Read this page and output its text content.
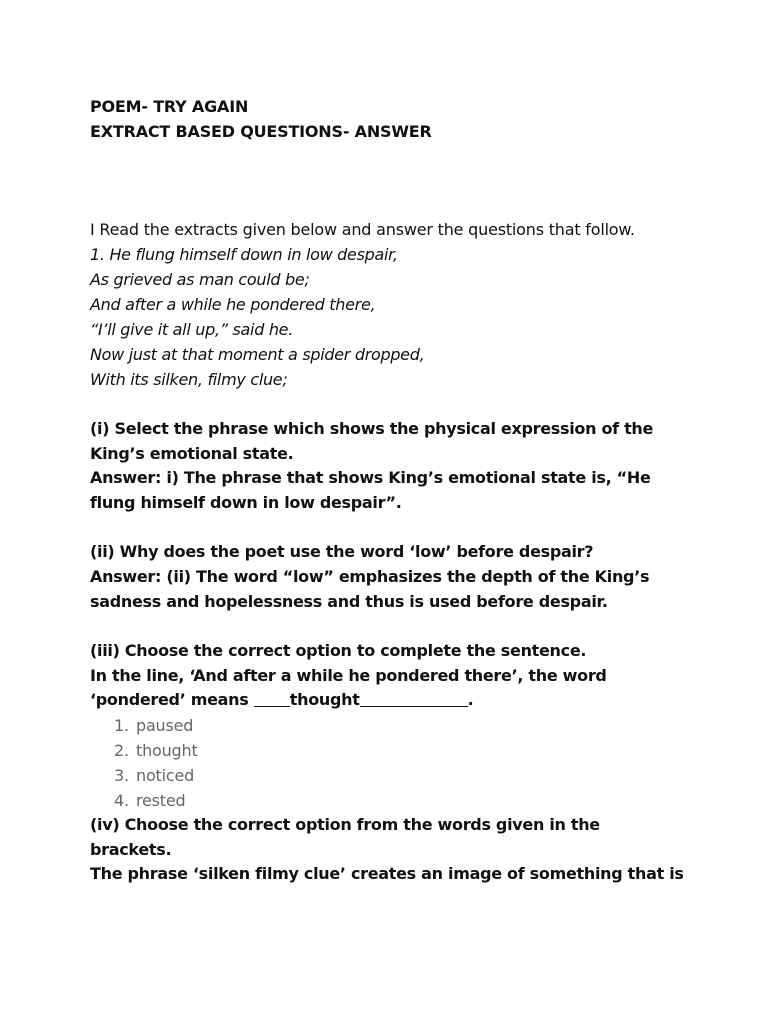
POEM- TRY AGAIN
EXTRACT BASED QUESTIONS- ANSWER
I Read the extracts given below and answer the questions that follow.
1. He flung himself down in low despair,
As grieved as man could be;
And after a while he pondered there,
“I’ll give it all up,” said he.
Now just at that moment a spider dropped,
With its silken, filmy clue;
(i) Select the phrase which shows the physical expression of the
King’s emotional state.
Answer: i) The phrase that shows King’s emotional state is, “He
flung himself down in low despair”.
(ii) Why does the poet use the word ‘low’ before despair?
Answer: (ii) The word “low” emphasizes the depth of the King’s
sadness and hopelessness and thus is used before despair.
(iii) Choose the correct option to complete the sentence.
In the line, ‘And after a while he pondered there’, the word
‘pondered’ means thought	.
1. paused
2. thought
3. noticed
4. rested
(iv) Choose the correct option from the words given in the
brackets.
The phrase ‘silken filmy clue’ creates an image of something that is
